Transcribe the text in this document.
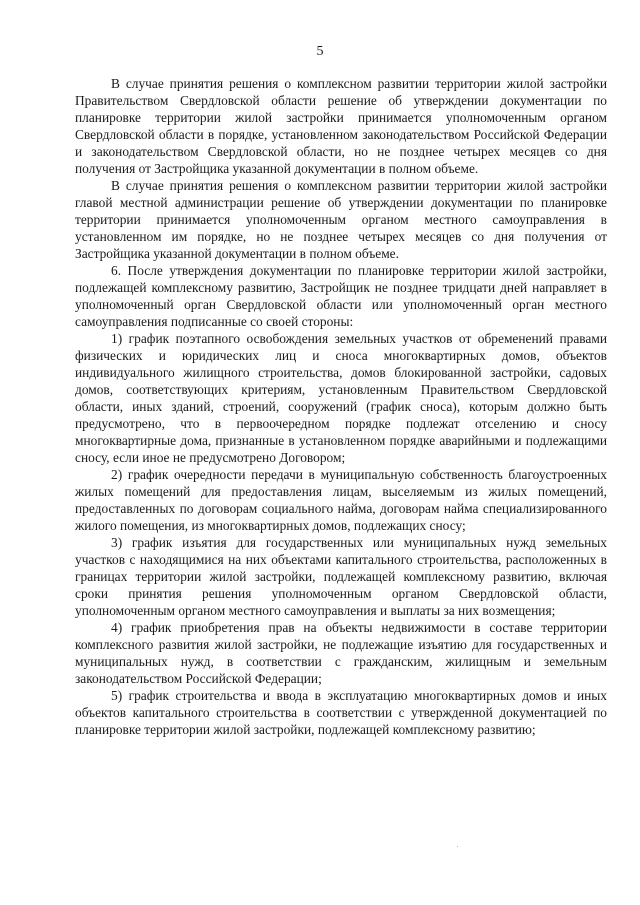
5

В случае принятия решения о комплексном развитии территории жилой застройки Правительством Свердловской области решение об утверждении документации по планировке территории жилой застройки принимается уполномоченным органом Свердловской области в порядке, установленном законодательством Российской Федерации и законодательством Свердловской области, но не позднее четырех месяцев со дня получения от Застройщика указанной документации в полном объеме.

В случае принятия решения о комплексном развитии территории жилой застройки главой местной администрации решение об утверждении документации по планировке территории принимается уполномоченным органом местного самоуправления в установленном им порядке, но не позднее четырех месяцев со дня получения от Застройщика указанной документации в полном объеме.

6. После утверждения документации по планировке территории жилой застройки, подлежащей комплексному развитию, Застройщик не позднее тридцати дней направляет в уполномоченный орган Свердловской области или уполномоченный орган местного самоуправления подписанные со своей стороны:

1) график поэтапного освобождения земельных участков от обременений правами физических и юридических лиц и сноса многоквартирных домов, объектов индивидуального жилищного строительства, домов блокированной застройки, садовых домов, соответствующих критериям, установленным Правительством Свердловской области, иных зданий, строений, сооружений (график сноса), которым должно быть предусмотрено, что в первоочередном порядке подлежат отселению и сносу многоквартирные дома, признанные в установленном порядке аварийными и подлежащими сносу, если иное не предусмотрено Договором;

2) график очередности передачи в муниципальную собственность благоустроенных жилых помещений для предоставления лицам, выселяемым из жилых помещений, предоставленных по договорам социального найма, договорам найма специализированного жилого помещения, из многоквартирных домов, подлежащих сносу;

3) график изъятия для государственных или муниципальных нужд земельных участков с находящимися на них объектами капитального строительства, расположенных в границах территории жилой застройки, подлежащей комплексному развитию, включая сроки принятия решения уполномоченным органом Свердловской области, уполномоченным органом местного самоуправления и выплаты за них возмещения;

4) график приобретения прав на объекты недвижимости в составе территории комплексного развития жилой застройки, не подлежащие изъятию для государственных и муниципальных нужд, в соответствии с гражданским, жилищным и земельным законодательством Российской Федерации;

5) график строительства и ввода в эксплуатацию многоквартирных домов и иных объектов капитального строительства в соответствии с утвержденной документацией по планировке территории жилой застройки, подлежащей комплексному развитию;
